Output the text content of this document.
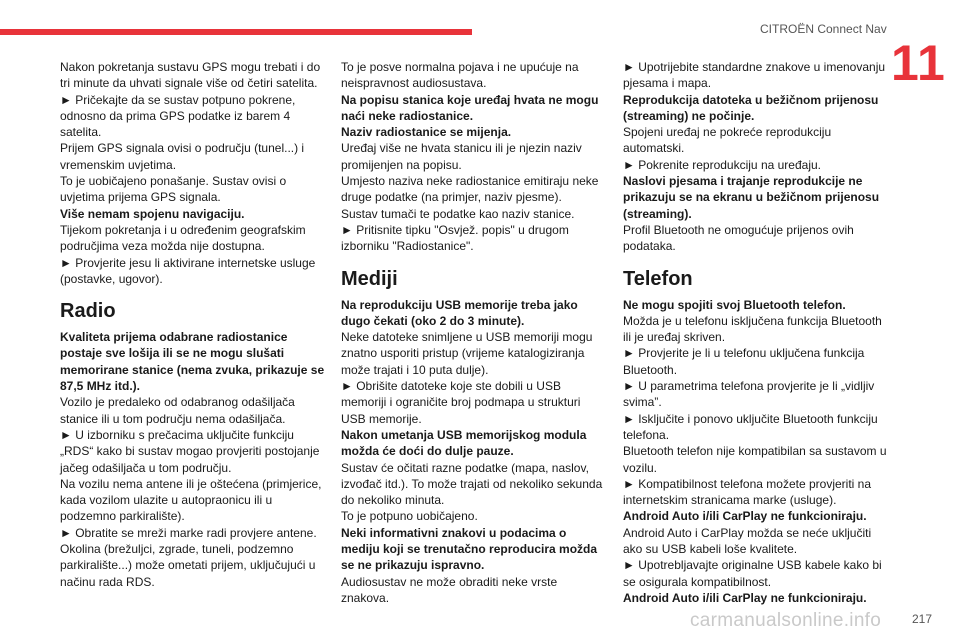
CITROËN Connect Nav
11
Nakon pokretanja sustavu GPS mogu trebati i do tri minute da uhvati signale više od četiri satelita.
► Pričekajte da se sustav potpuno pokrene, odnosno da prima GPS podatke iz barem 4 satelita.
Prijem GPS signala ovisi o području (tunel...) i vremenskim uvjetima.
To je uobičajeno ponašanje. Sustav ovisi o uvjetima prijema GPS signala.
Više nemam spojenu navigaciju.
Tijekom pokretanja i u određenim geografskim područjima veza možda nije dostupna.
► Provjerite jesu li aktivirane internetske usluge (postavke, ugovor).
Radio
Kvaliteta prijema odabrane radiostanice postaje sve lošija ili se ne mogu slušati memorirane stanice (nema zvuka, prikazuje se 87,5 MHz itd.).
Vozilo je predaleko od odabranog odašiljača stanice ili u tom području nema odašiljača.
► U izborniku s prečacima uključite funkciju „RDS“ kako bi sustav mogao provjeriti postojanje jačeg odašiljača u tom području.
Na vozilu nema antene ili je oštećena (primjerice, kada vozilom ulazite u autopraonicu ili u podzemno parkiralište).
► Obratite se mreži marke radi provjere antene.
Okolina (brežuljci, zgrade, tuneli, podzemno parkiralište...) može ometati prijem, uključujući u načinu rada RDS.
To je posve normalna pojava i ne upućuje na neispravnost audiosustava.
Na popisu stanica koje uređaj hvata ne mogu naći neke radiostanice.
Naziv radiostanice se mijenja.
Uređaj više ne hvata stanicu ili je njezin naziv promijenjen na popisu.
Umjesto naziva neke radiostanice emitiraju neke druge podatke (na primjer, naziv pjesme).
Sustav tumači te podatke kao naziv stanice.
► Pritisnite tipku "Osvjež. popis" u drugom izborniku "Radiostanice".
Mediji
Na reprodukciju USB memorije treba jako dugo čekati (oko 2 do 3 minute).
Neke datoteke snimljene u USB memoriji mogu znatno usporiti pristup (vrijeme katalogiziranja može trajati i 10 puta dulje).
► Obrišite datoteke koje ste dobili u USB memoriji i ograničite broj podmapa u strukturi USB memorije.
Nakon umetanja USB memorijskog modula možda će doći do dulje pauze.
Sustav će očitati razne podatke (mapa, naslov, izvođač itd.). To može trajati od nekoliko sekunda do nekoliko minuta.
To je potpuno uobičajeno.
Neki informativni znakovi u podacima o mediju koji se trenutačno reproducira možda se ne prikazuju ispravno.
Audiosustav ne može obraditi neke vrste znakova.
► Upotrijebite standardne znakove u imenovanju pjesama i mapa.
Reprodukcija datoteka u bežičnom prijenosu (streaming) ne počinje.
Spojeni uređaj ne pokreće reprodukciju automatski.
► Pokrenite reprodukciju na uređaju.
Naslovi pjesama i trajanje reprodukcije ne prikazuju se na ekranu u bežičnom prijenosu (streaming).
Profil Bluetooth ne omogućuje prijenos ovih podataka.
Telefon
Ne mogu spojiti svoj Bluetooth telefon.
Možda je u telefonu isključena funkcija Bluetooth ili je uređaj skriven.
► Provjerite je li u telefonu uključena funkcija Bluetooth.
► U parametrima telefona provjerite je li „vidljiv svima”.
► Isključite i ponovo uključite Bluetooth funkciju telefona.
Bluetooth telefon nije kompatibilan sa sustavom u vozilu.
► Kompatibilnost telefona možete provjeriti na internetskim stranicama marke (usluge).
Android Auto i/ili CarPlay ne funkcioniraju.
Android Auto i CarPlay možda se neće uključiti ako su USB kabeli loše kvalitete.
► Upotrebljavajte originalne USB kabele kako bi se osigurala kompatibilnost.
Android Auto i/ili CarPlay ne funkcioniraju.
217
carmanualsonline.info
